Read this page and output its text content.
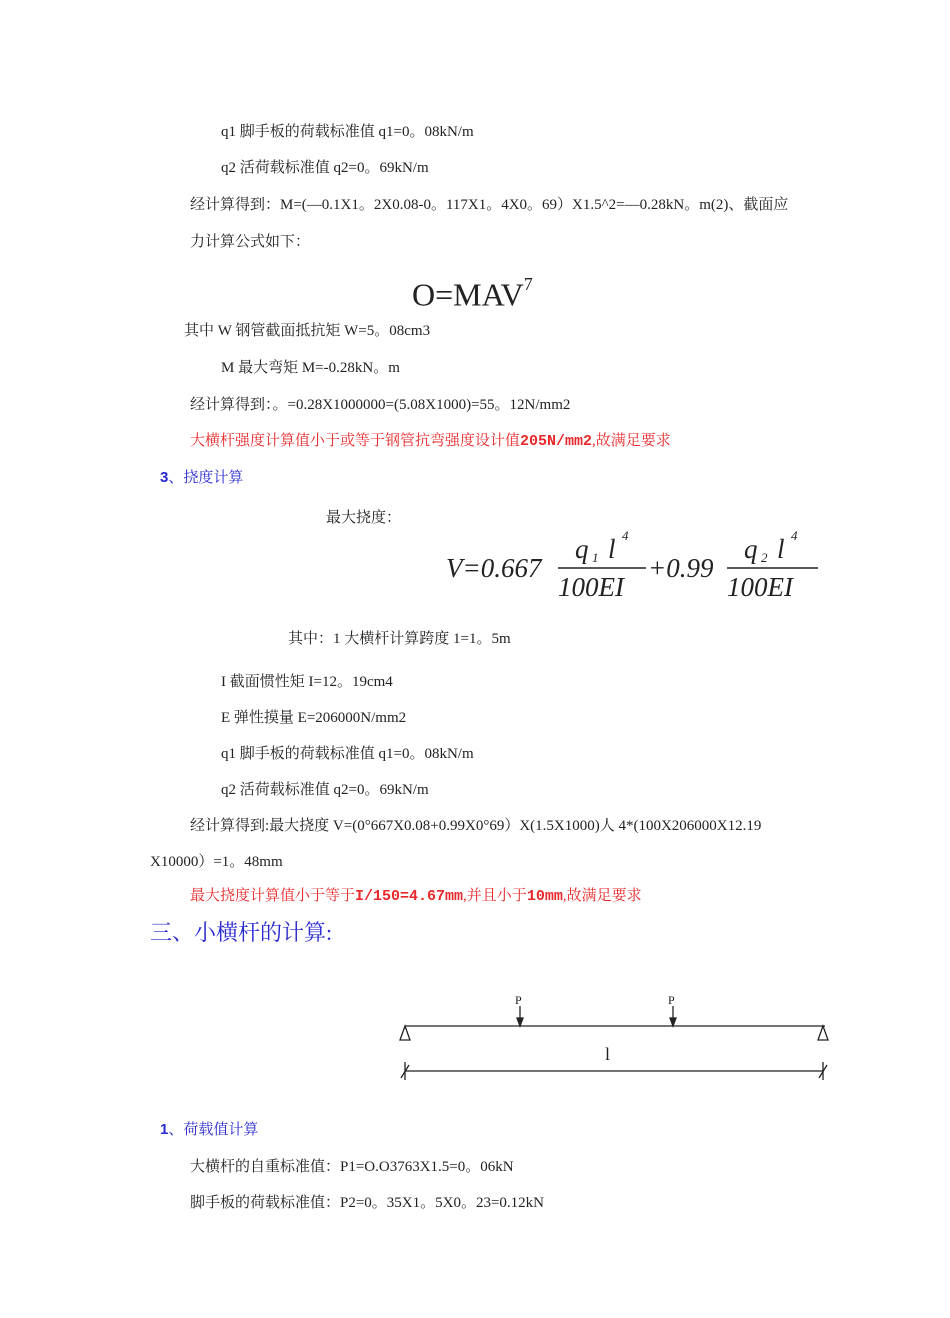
q1 脚手板的荷载标准值 q1=0。08kN/m
q2 活荷载标准值 q2=0。69kN/m
经计算得到：M=(—0.1X1。2X0.08-0。117X1。4X0。69）X1.5^2=—0.28kN。m(2)、截面应
力计算公式如下：
$O=MAV^7$
其中 W 钢管截面抵抗矩 W=5。08cm3
M 最大弯矩 M=-0.28kN。m
经计算得到：。=0.28X1000000=(5.08X1000)=55。12N/mm2
大横杆强度计算值小于或等于钢管抗弯强度设计值205N/mm2,故满足要求
3、挠度计算
最大挠度：
V=0.667
q 1 l 4
100EI
+0.99
q 2 l 4
100EI
其中：1 大横杆计算跨度 1=1。5m
I 截面惯性矩 I=12。19cm4
E 弹性摸量 E=206000N/mm2
q1 脚手板的荷载标准值 q1=0。08kN/m
q2 活荷载标准值 q2=0。69kN/m
经计算得到:最大挠度 V=(0°667X0.08+0.99X0°69）X(1.5X1000)人 4*(100X206000X12.19
X10000）=1。48mm
最大挠度计算值小于等于I/150=4.67mm,并且小于10mm,故满足要求
三、小横杆的计算:
P	P
l
1、荷载值计算
大横杆的自重标准值：P1=O.O3763X1.5=0。06kN
脚手板的荷载标准值：P2=0。35X1。5X0。23=0.12kN
